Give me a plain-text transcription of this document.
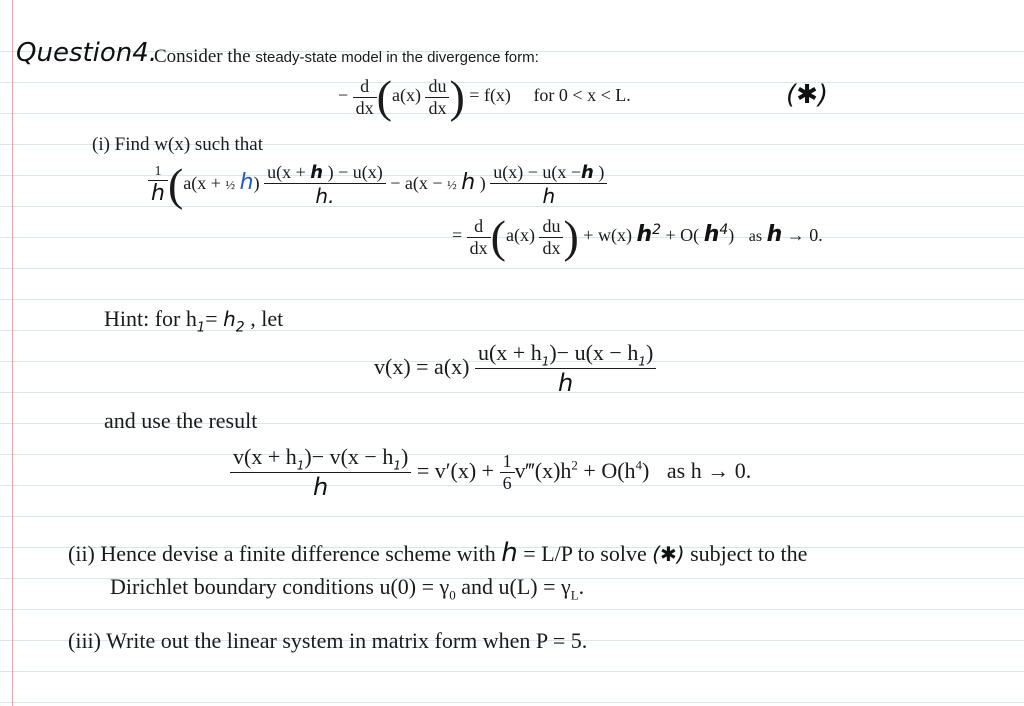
Question4.
Consider the steady-state model in the divergence form:
− $\frac{d}{dx} (a(x) \frac{du}{dx}$ ) = f(x) for 0 < x < L.	(✱)
(i) Find w(x) such that
$\frac{1}{h} (a(x$ + ½ $h) \frac{u(x + h ) - u(x)}{h.} - a(x$ − ½ h ) $\frac{u(x) - u(x -h )}{h}$
= $\frac{d}{dx} (a(x) \frac{du}{dx}$ ) + w(x) $h^2 + O$( $h^4$) as h → 0.
Hint: for $h_1= h_2$ , let
$v(x) = a(x) \frac{u(x + h_1)- u(x - h_1)}{h}$
and use the result
$\frac{v(x + h_1)- v(x - h_1)}{h} = v'(x) + \frac{1}{6}$ $v‴(x)h^2 + O(h^4)$ as h → 0.
(ii) Hence devise a finite difference scheme with h = L/P to solve (✱) subject to the
Dirichlet boundary conditions $u(0) = \gamma_0$ and $u(L) = \gamma_L$.
(iii) Write out the linear system in matrix form when P = 5.
